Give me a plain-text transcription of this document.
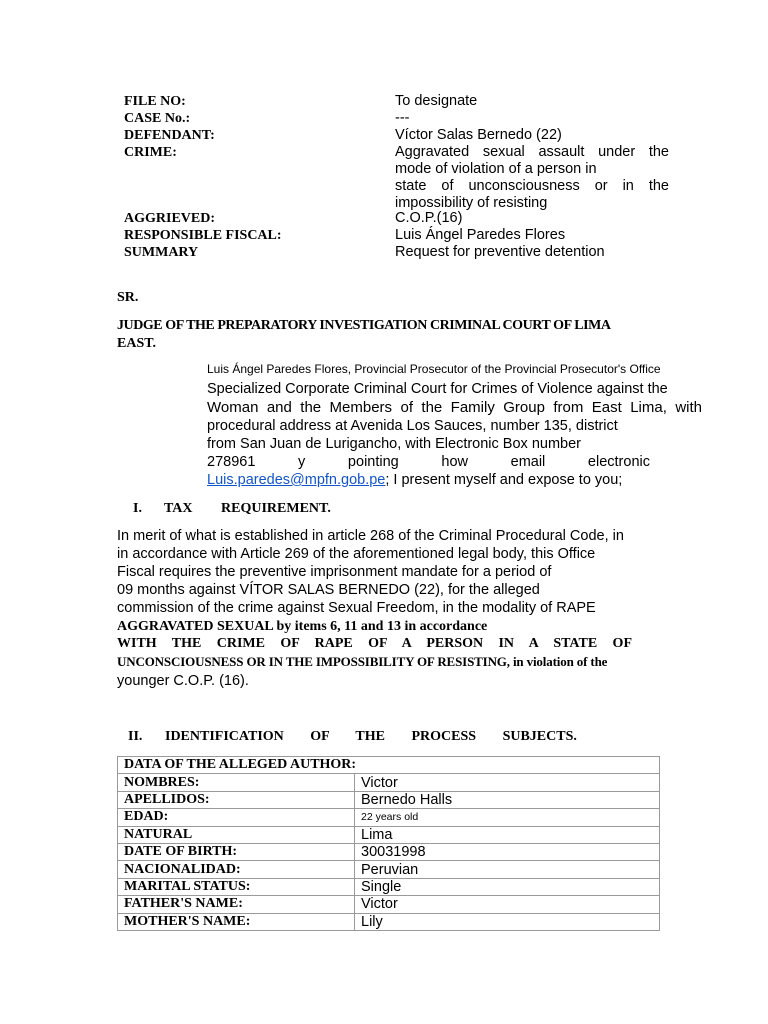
FILE NO:	To designate
CASE No.:	---
DEFENDANT:	Víctor Salas Bernedo (22)
CRIME:	Aggravated sexual assault under the
mode of violation of a person in
state of unconsciousness or in the
impossibility of resisting
AGGRIEVED:	C.O.P.(16)
RESPONSIBLE FISCAL:	Luis Ángel Paredes Flores
SUMMARY	Request for preventive detention
SR.
JUDGE OF THE PREPARATORY INVESTIGATION CRIMINAL COURT OF LIMA
EAST.
Luis Ángel Paredes Flores, Provincial Prosecutor of the Provincial Prosecutor's Office
Specialized Corporate Criminal Court for Crimes of Violence against the
Woman and the Members of the Family Group from East Lima, with
procedural address at Avenida Los Sauces, number 135, district
from San Juan de Lurigancho, with Electronic Box number
278961 y pointing how email electronic
Luis.paredes@mpfn.gob.pe; I present myself and expose to you;
I. TAX REQUIREMENT.
In merit of what is established in article 268 of the Criminal Procedural Code, in
in accordance with Article 269 of the aforementioned legal body, this Office
Fiscal requires the preventive imprisonment mandate for a period of
09 months against VÍTOR SALAS BERNEDO (22), for the alleged
commission of the crime against Sexual Freedom, in the modality of RAPE
AGGRAVATED SEXUAL by items 6, 11 and 13 in accordance
WITH THE CRIME OF RAPE OF A PERSON IN A STATE OF
UNCONSCIOUSNESS OR IN THE IMPOSSIBILITY OF RESISTING, in violation of the
younger C.O.P. (16).
II. IDENTIFICATION OF THE PROCESS SUBJECTS.
DATA OF THE ALLEGED AUTHOR:	
NOMBRES:	Victor
APELLIDOS:	Bernedo Halls
EDAD:	22 years old
NATURAL	Lima
DATE OF BIRTH:	30031998
NACIONALIDAD:	Peruvian
MARITAL STATUS:	Single
FATHER'S NAME:	Victor
MOTHER'S NAME:	Lily
